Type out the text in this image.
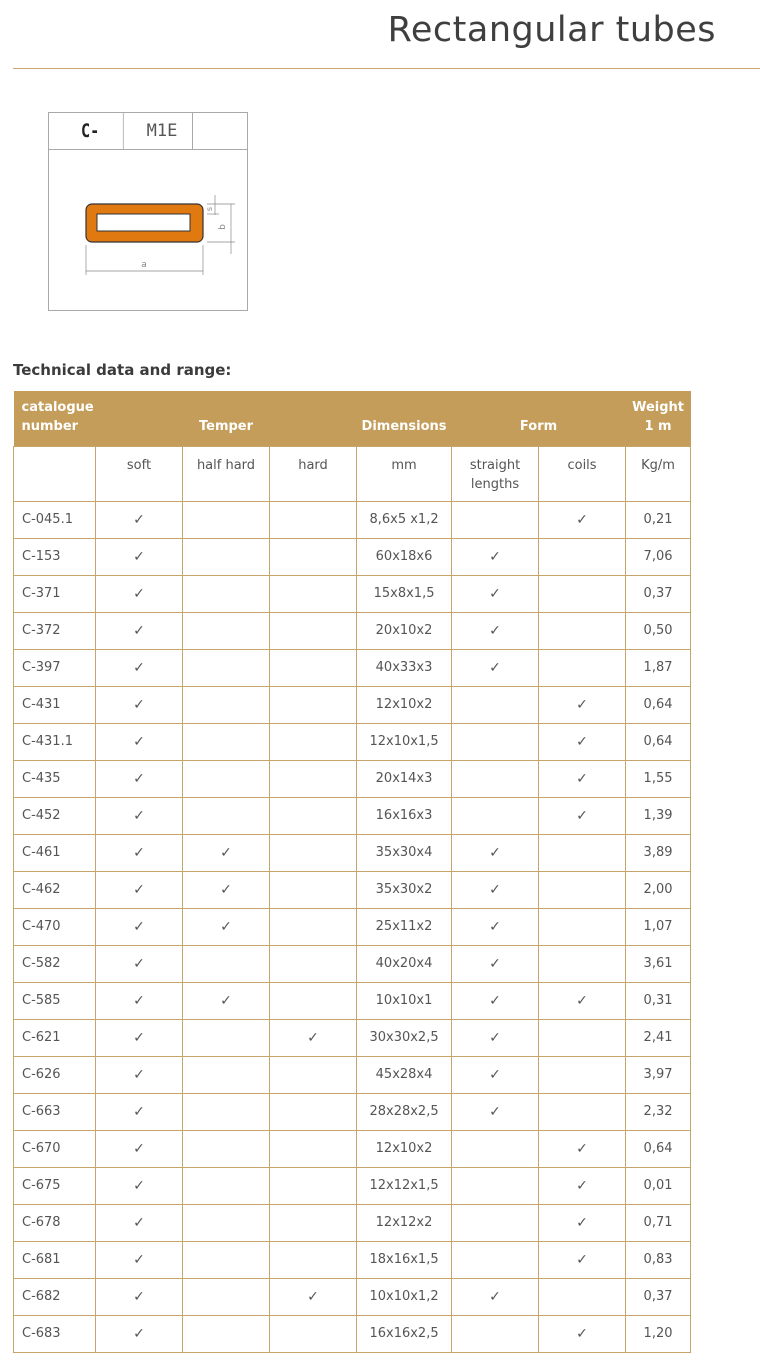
Rectangular tubes
C-	M1E
a
b
s
Technical data and range:
catalogue
number	Temper			Dimensions	Form		Weight
1 m
	soft	half hard	hard	mm	straight lengths	coils	Kg/m
C-045.1	✓			8,6x5 x1,2		✓	0,21
C-153	✓			60x18x6	✓		7,06
C-371	✓			15x8x1,5	✓		0,37
C-372	✓			20x10x2	✓		0,50
C-397	✓			40x33x3	✓		1,87
C-431	✓			12x10x2		✓	0,64
C-431.1	✓			12x10x1,5		✓	0,64
C-435	✓			20x14x3		✓	1,55
C-452	✓			16x16x3		✓	1,39
C-461	✓	✓		35x30x4	✓		3,89
C-462	✓	✓		35x30x2	✓		2,00
C-470	✓	✓		25x11x2	✓		1,07
C-582	✓			40x20x4	✓		3,61
C-585	✓	✓		10x10x1	✓	✓	0,31
C-621	✓		✓	30x30x2,5	✓		2,41
C-626	✓			45x28x4	✓		3,97
C-663	✓			28x28x2,5	✓		2,32
C-670	✓			12x10x2		✓	0,64
C-675	✓			12x12x1,5		✓	0,01
C-678	✓			12x12x2		✓	0,71
C-681	✓			18x16x1,5		✓	0,83
C-682	✓		✓	10x10x1,2	✓		0,37
C-683	✓			16x16x2,5		✓	1,20
